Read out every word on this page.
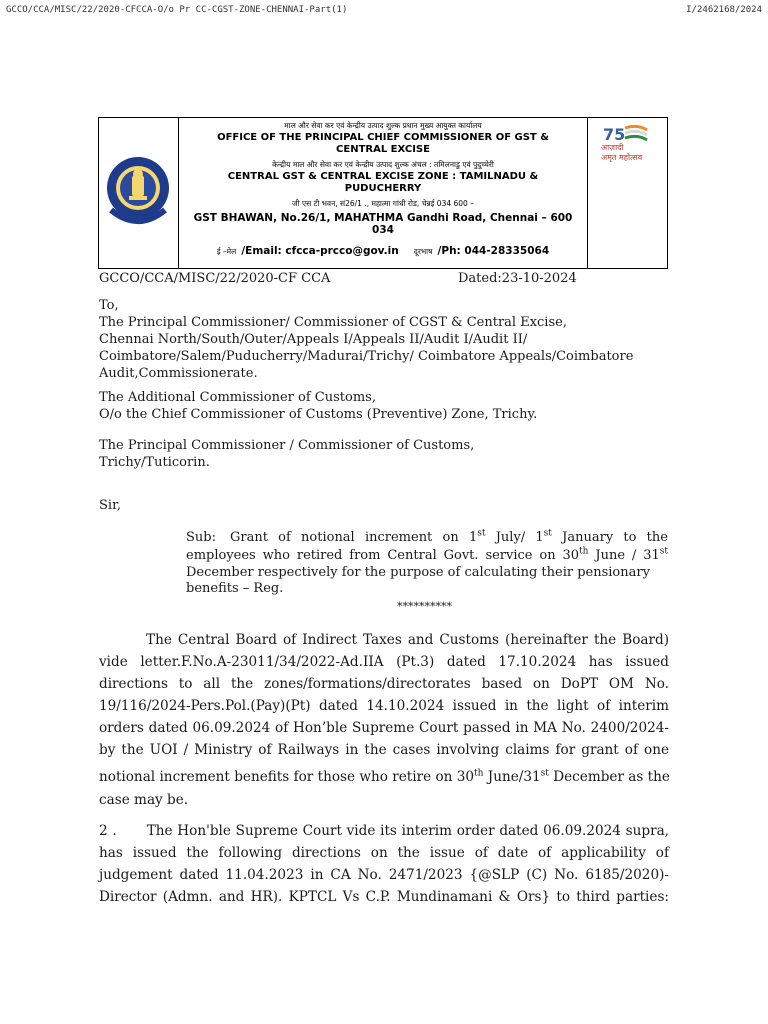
GCCO/CCA/MISC/22/2020-CFCCA-O/o Pr CC-CGST-ZONE-CHENNAI-Part(1)	I/2462168/2024
माल और सेवा कर एवं केन्द्रीय उत्पाद शुल्क प्रधान मुख्य आयुक्त कार्यालय
OFFICE OF THE PRINCIPAL CHIEF COMMISSIONER OF GST &
CENTRAL EXCISE
केन्द्रीय माल और सेवा कर एवं केन्द्रीय उत्पाद शुल्क अंचल : तमिलनाडु एवं पुदुच्चेरी
CENTRAL GST & CENTRAL EXCISE ZONE : TAMILNADU &
PUDUCHERRY
जी एस टी भवन, सं26/1 ., महात्मा गांधी रोड, चेन्नई 034 600 –
GST BHAWAN, No.26/1, MAHATHMA Gandhi Road, Chennai – 600
034
ई –मेल /Email: cfcca-prcco@gov.in दूरभाष /Ph: 044-28335064
75
आज़ादी
अमृत महोत्सव
GCCO/CCA/MISC/22/2020-CF CCA	Dated:23-10-2024
To,
The Principal Commissioner/ Commissioner of CGST & Central Excise,
Chennai North/South/Outer/Appeals I/Appeals II/Audit I/Audit II/
Coimbatore/Salem/Puducherry/Madurai/Trichy/ Coimbatore Appeals/Coimbatore
Audit,Commissionerate.
The Additional Commissioner of Customs,
O/o the Chief Commissioner of Customs (Preventive) Zone, Trichy.
The Principal Commissioner / Commissioner of Customs,
Trichy/Tuticorin.
Sir,
Sub: Grant of notional increment on 1st July/ 1st January to the
employees who retired from Central Govt. service on 30th June / 31st
December respectively for the purpose of calculating their pensionary
benefits – Reg.
**********
The Central Board of Indirect Taxes and Customs (hereinafter the Board)
vide letter.F.No.A-23011/34/2022-Ad.IIA (Pt.3) dated 17.10.2024 has issued
directions to all the zones/formations/directorates based on DoPT OM No.
19/116/2024-Pers.Pol.(Pay)(Pt) dated 14.10.2024 issued in the light of interim
orders dated 06.09.2024 of Hon’ble Supreme Court passed in MA No. 2400/2024-
by the UOI / Ministry of Railways in the cases involving claims for grant of one
notional increment benefits for those who retire on 30th June/31st December as the
case may be.
2 . The Hon'ble Supreme Court vide its interim order dated 06.09.2024 supra,
has issued the following directions on the issue of date of applicability of
judgement dated 11.04.2023 in CA No. 2471/2023 {@SLP (C) No. 6185/2020)-
Director (Admn. and HR). KPTCL Vs C.P. Mundinamani & Ors} to third parties:
